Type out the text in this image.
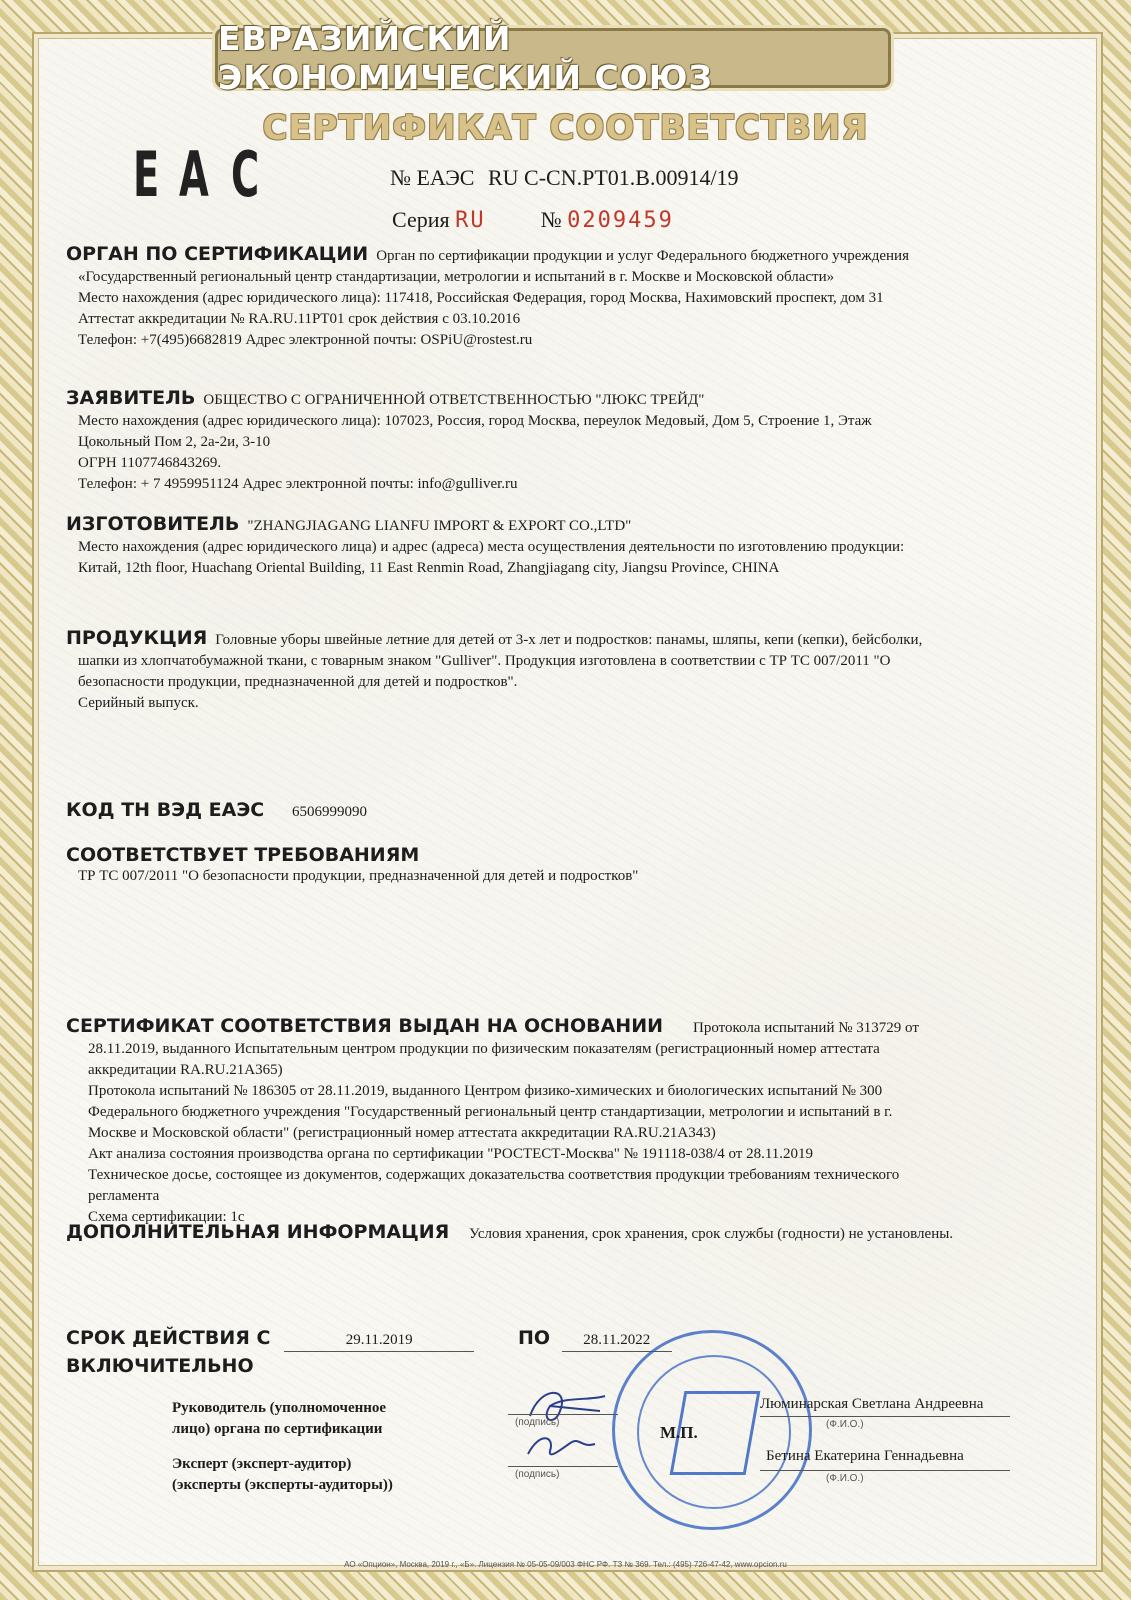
ЕВРАЗИЙСКИЙ ЭКОНОМИЧЕСКИЙ СОЮЗ
СЕРТИФИКАТ СООТВЕТСТВИЯ
E A C	№ ЕАЭС RU C-CN.PT01.B.00914/19
Серия RU	№ 0209459
ОРГАН ПО СЕРТИФИКАЦИИ Орган по сертификации продукции и услуг Федерального бюджетного учреждения
«Государственный региональный центр стандартизации, метрологии и испытаний в г. Москве и Московской области»
Место нахождения (адрес юридического лица): 117418, Российская Федерация, город Москва, Нахимовский проспект, дом 31
Аттестат аккредитации № RA.RU.11PT01 срок действия с 03.10.2016
Телефон: +7(495)6682819 Адрес электронной почты: OSPiU@rostest.ru
ЗАЯВИТЕЛЬ ОБЩЕСТВО С ОГРАНИЧЕННОЙ ОТВЕТСТВЕННОСТЬЮ "ЛЮКС ТРЕЙД"
Место нахождения (адрес юридического лица): 107023, Россия, город Москва, переулок Медовый, Дом 5, Строение 1, Этаж
Цокольный Пом 2, 2а-2и, 3-10
ОГРН 1107746843269.
Телефон: + 7 4959951124 Адрес электронной почты: info@gulliver.ru
ИЗГОТОВИТЕЛЬ "ZHANGJIAGANG LIANFU IMPORT & EXPORT CO.,LTD"
Место нахождения (адрес юридического лица) и адрес (адреса) места осуществления деятельности по изготовлению продукции:
Китай, 12th floor, Huachang Oriental Building, 11 East Renmin Road, Zhangjiagang city, Jiangsu Province, CHINA
ПРОДУКЦИЯ Головные уборы швейные летние для детей от 3-х лет и подростков: панамы, шляпы, кепи (кепки), бейсболки,
шапки из хлопчатобумажной ткани, с товарным знаком "Gulliver". Продукция изготовлена в соответствии с ТР ТС 007/2011 "О
безопасности продукции, предназначенной для детей и подростков".
Серийный выпуск.
КОД ТН ВЭД ЕАЭС 6506999090
СООТВЕТСТВУЕТ ТРЕБОВАНИЯМ
ТР ТС 007/2011 "О безопасности продукции, предназначенной для детей и подростков"
СЕРТИФИКАТ СООТВЕТСТВИЯ ВЫДАН НА ОСНОВАНИИ Протокола испытаний № 313729 от
28.11.2019, выданного Испытательным центром продукции по физическим показателям (регистрационный номер аттестата
аккредитации RA.RU.21A365)
Протокола испытаний № 186305 от 28.11.2019, выданного Центром физико-химических и биологических испытаний № 300
Федерального бюджетного учреждения "Государственный региональный центр стандартизации, метрологии и испытаний в г.
Москве и Московской области" (регистрационный номер аттестата аккредитации RA.RU.21A343)
Акт анализа состояния производства органа по сертификации "РОСТЕСТ-Москва" № 191118-038/4 от 28.11.2019
Техническое досье, состоящее из документов, содержащих доказательства соответствия продукции требованиям технического
регламента
Схема сертификации: 1с
ДОПОЛНИТЕЛЬНАЯ ИНФОРМАЦИЯ Условия хранения, срок хранения, срок службы (годности) не установлены.
СРОК ДЕЙСТВИЯ С	29.11.2019	ПО 28.11.2022
ВКЛЮЧИТЕЛЬНО
Руководитель (уполномоченное
лицо) органа по сертификации
Эксперт (эксперт-аудитор)
(эксперты (эксперты-аудиторы))
(подпись)
(подпись)
М.П.
Люминарская Светлана Андреевна
(Ф.И.О.)
Бетина Екатерина Геннадьевна
(Ф.И.О.)
АО «Опцион», Москва, 2019 г., «Б». Лицензия № 05-05-09/003 ФНС РФ. ТЗ № 369. Тел.: (495) 726-47-42, www.opcion.ru
